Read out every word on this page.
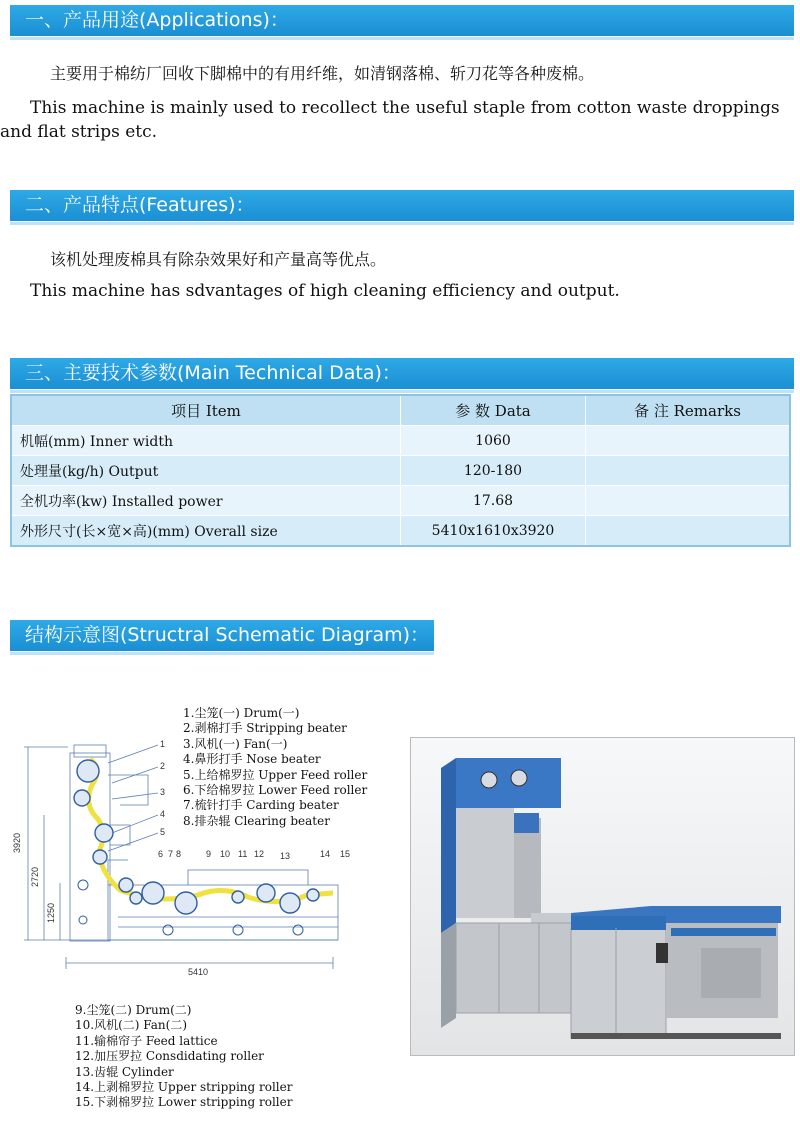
一、产品用途(Applications)：
主要用于棉纺厂回收下脚棉中的有用纤维，如清钢落棉、斩刀花等各种废棉。
This machine is mainly used to recollect the useful staple from cotton waste droppings and flat strips etc.
二、产品特点(Features)：
该机处理废棉具有除杂效果好和产量高等优点。
This machine has sdvantages of high cleaning efficiency and output.
三、主要技术参数(Main Technical Data)：
项目 Item	参 数 Data	备 注 Remarks
机幅(mm) Inner width	1060	
处理量(kg/h) Output	120-180	
全机功率(kw) Installed power	17.68	
外形尺寸(长×宽×高)(mm) Overall size	5410x1610x3920	
结构示意图(Structral Schematic Diagram)：
3920
2720
1250
5410
1
2
3
4
5
6 7 8	9 10 11 12 13	14 15
1.尘笼(一) Drum(一)
2.剥棉打手 Stripping beater
3.风机(一) Fan(一)
4.鼻形打手 Nose beater
5.上给棉罗拉 Upper Feed roller
6.下给棉罗拉 Lower Feed roller
7.梳针打手 Carding beater
8.排杂辊 Clearing beater
9.尘笼(二) Drum(二)
10.风机(二) Fan(二)
11.输棉帘子 Feed lattice
12.加压罗拉 Consdidating roller
13.齿辊 Cylinder
14.上剥棉罗拉 Upper stripping roller
15.下剥棉罗拉 Lower stripping roller
